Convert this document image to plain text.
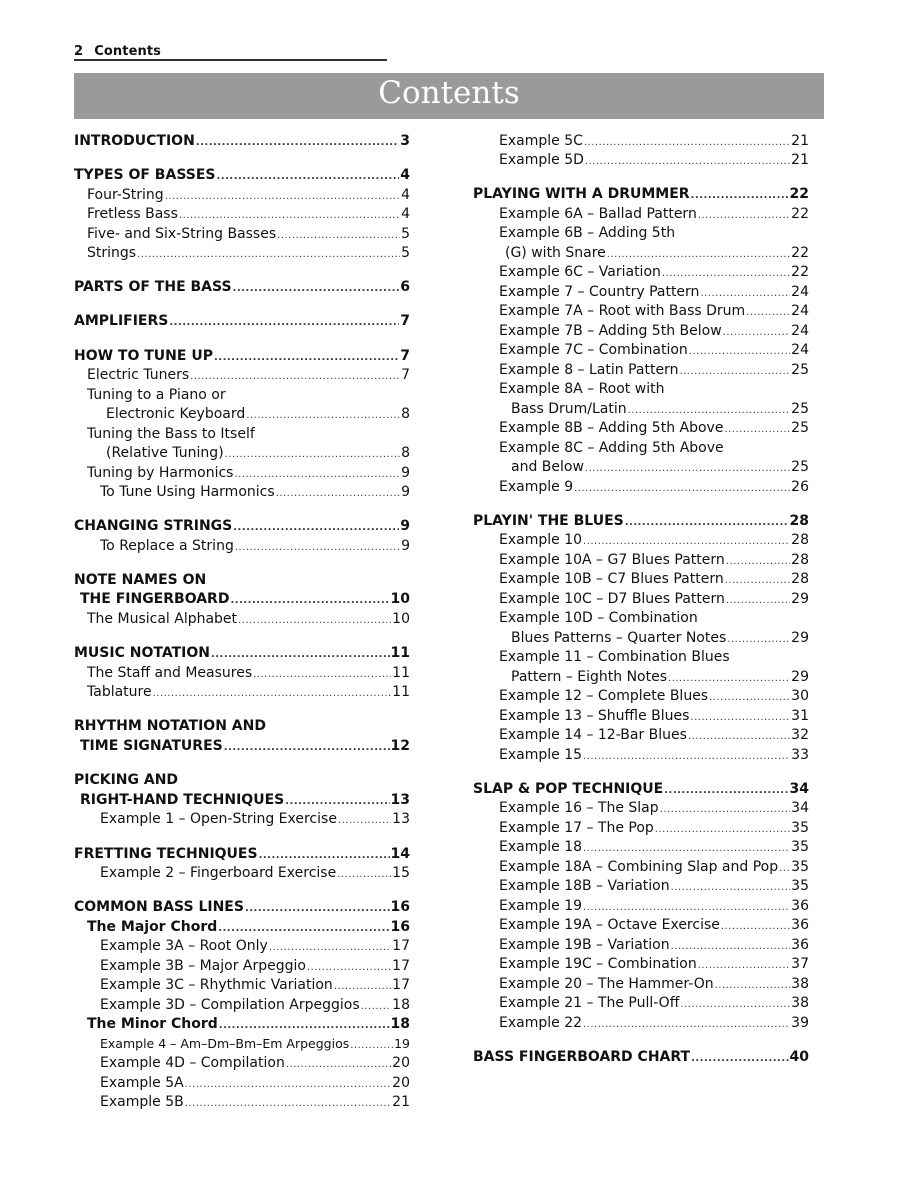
2 Contents
Contents
INTRODUCTION .....	3
TYPES OF BASSES .....	4
Four-String .....	4
Fretless Bass .....	4
Five- and Six-String Basses .....	5
Strings .....	5
PARTS OF THE BASS .....	6
AMPLIFIERS .....	7
HOW TO TUNE UP .....	7
Electric Tuners .....	7
Tuning to a Piano or
Electronic Keyboard .....	8
Tuning the Bass to Itself
(Relative Tuning) .....	8
Tuning by Harmonics .....	9
To Tune Using Harmonics .....	9
CHANGING STRINGS .....	9
To Replace a String .....	9
NOTE NAMES ON
THE FINGERBOARD .....	10
The Musical Alphabet .....	10
MUSIC NOTATION .....	11
The Staff and Measures .....	11
Tablature .....	11
RHYTHM NOTATION AND
TIME SIGNATURES .....	12
PICKING AND
RIGHT-HAND TECHNIQUES .....	13
Example 1 – Open-String Exercise .....	13
FRETTING TECHNIQUES .....	14
Example 2 – Fingerboard Exercise .....	15
COMMON BASS LINES .....	16
The Major Chord .....	16
Example 3A – Root Only .....	17
Example 3B – Major Arpeggio .....	17
Example 3C – Rhythmic Variation .....	17
Example 3D – Compilation Arpeggios ..... 18
The Minor Chord .....	18
Example 4 – Am–Dm–Bm–Em Arpeggios .....	19
Example 4D – Compilation .....	20
Example 5A .....	20
Example 5B .....	21
Example 5C .....	21
Example 5D .....	21
PLAYING WITH A DRUMMER .....	22
Example 6A – Ballad Pattern .....	22
Example 6B – Adding 5th
(G) with Snare .....	22
Example 6C – Variation .....	22
Example 7 – Country Pattern .....	24
Example 7A – Root with Bass Drum .....	24
Example 7B – Adding 5th Below .....	24
Example 7C – Combination .....	24
Example 8 – Latin Pattern .....	25
Example 8A – Root with
Bass Drum/Latin .....	25
Example 8B – Adding 5th Above .....	25
Example 8C – Adding 5th Above
and Below .....	25
Example 9 .....	26
PLAYIN' THE BLUES .....	28
Example 10 .....	28
Example 10A – G7 Blues Pattern .....	28
Example 10B – C7 Blues Pattern .....	28
Example 10C – D7 Blues Pattern .....	29
Example 10D – Combination
Blues Patterns – Quarter Notes .....	29
Example 11 – Combination Blues
Pattern – Eighth Notes .....	29
Example 12 – Complete Blues .....	30
Example 13 – Shuffle Blues .....	31
Example 14 – 12-Bar Blues .....	32
Example 15 .....	33
SLAP & POP TECHNIQUE .....	34
Example 16 – The Slap .....	34
Example 17 – The Pop .....	35
Example 18 .....	35
Example 18A – Combining Slap and Pop ..... 35
Example 18B – Variation .....	35
Example 19 .....	36
Example 19A – Octave Exercise .....	36
Example 19B – Variation .....	36
Example 19C – Combination .....	37
Example 20 – The Hammer-On .....	38
Example 21 – The Pull-Off .....	38
Example 22 .....	39
BASS FINGERBOARD CHART .....	40
